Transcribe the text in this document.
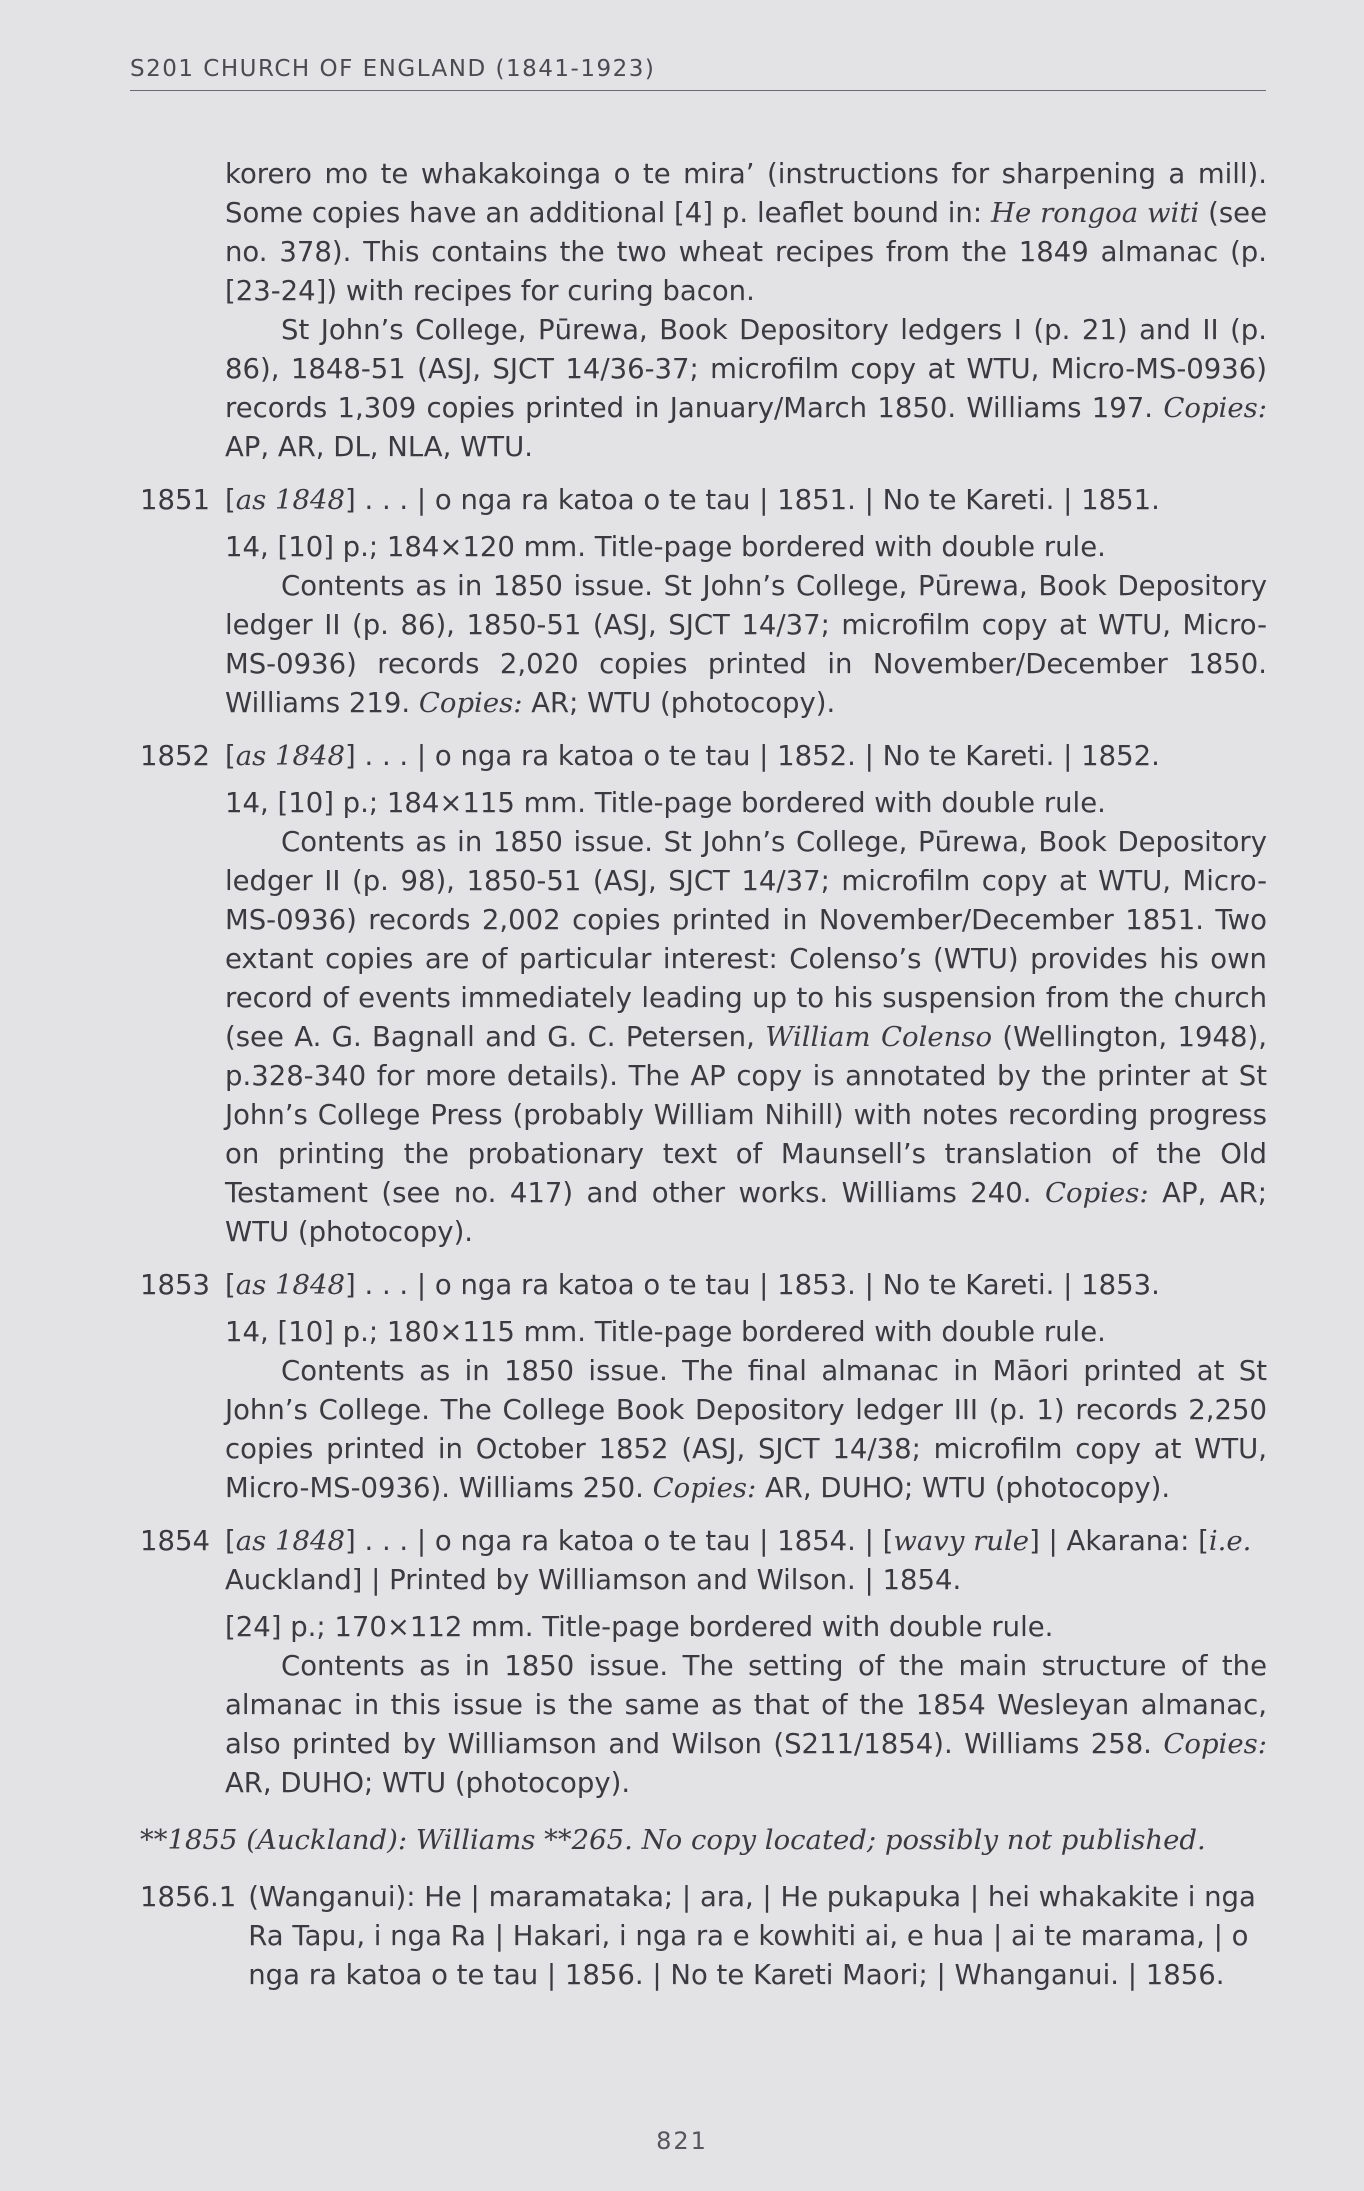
S201 CHURCH OF ENGLAND (1841-1923)

korero mo te whakakoinga o te mira’ (instructions for sharpening a mill). Some copies have an additional [4] p. leaflet bound in: He rongoa witi (see no. 378). This contains the two wheat recipes from the 1849 almanac (p. [23-24]) with recipes for curing bacon.

St John’s College, Pūrewa, Book Depository ledgers I (p. 21) and II (p. 86), 1848-51 (ASJ, SJCT 14/36-37; microfilm copy at WTU, Micro-MS-0936) records 1,309 copies printed in January/March 1850. Williams 197. Copies: AP, AR, DL, NLA, WTU.

1851 [as 1848] . . . | o nga ra katoa o te tau | 1851. | No te Kareti. | 1851.

14, [10] p.; 184×120 mm. Title-page bordered with double rule.

Contents as in 1850 issue. St John’s College, Pūrewa, Book Depository ledger II (p. 86), 1850-51 (ASJ, SJCT 14/37; microfilm copy at WTU, Micro-MS-0936) records 2,020 copies printed in November/December 1850. Williams 219. Copies: AR; WTU (photocopy).

1852 [as 1848] . . . | o nga ra katoa o te tau | 1852. | No te Kareti. | 1852.

14, [10] p.; 184×115 mm. Title-page bordered with double rule.

Contents as in 1850 issue. St John’s College, Pūrewa, Book Depository ledger II (p. 98), 1850-51 (ASJ, SJCT 14/37; microfilm copy at WTU, Micro-MS-0936) records 2,002 copies printed in November/December 1851. Two extant copies are of particular interest: Colenso’s (WTU) provides his own record of events immediately leading up to his suspension from the church (see A. G. Bagnall and G. C. Petersen, William Colenso (Wellington, 1948), p.328-340 for more details). The AP copy is annotated by the printer at St John’s College Press (probably William Nihill) with notes recording progress on printing the probationary text of Maunsell’s translation of the Old Testament (see no. 417) and other works. Williams 240. Copies: AP, AR; WTU (photocopy).

1853 [as 1848] . . . | o nga ra katoa o te tau | 1853. | No te Kareti. | 1853.

14, [10] p.; 180×115 mm. Title-page bordered with double rule.

Contents as in 1850 issue. The final almanac in Māori printed at St John’s College. The College Book Depository ledger III (p. 1) records 2,250 copies printed in October 1852 (ASJ, SJCT 14/38; microfilm copy at WTU, Micro-MS-0936). Williams 250. Copies: AR, DUHO; WTU (photocopy).

1854 [as 1848] . . . | o nga ra katoa o te tau | 1854. | [wavy rule] | Akarana: [i.e. Auckland] | Printed by Williamson and Wilson. | 1854.

[24] p.; 170×112 mm. Title-page bordered with double rule.

Contents as in 1850 issue. The setting of the main structure of the almanac in this issue is the same as that of the 1854 Wesleyan almanac, also printed by Williamson and Wilson (S211/1854). Williams 258. Copies: AR, DUHO; WTU (photocopy).

**1855 (Auckland): Williams **265. No copy located; possibly not published.

1856.1 (Wanganui): He | maramataka; | ara, | He pukapuka | hei whakakite i nga Ra Tapu, i nga Ra | Hakari, i nga ra e kowhiti ai, e hua | ai te marama, | o nga ra katoa o te tau | 1856. | No te Kareti Maori; | Whanganui. | 1856.
821
